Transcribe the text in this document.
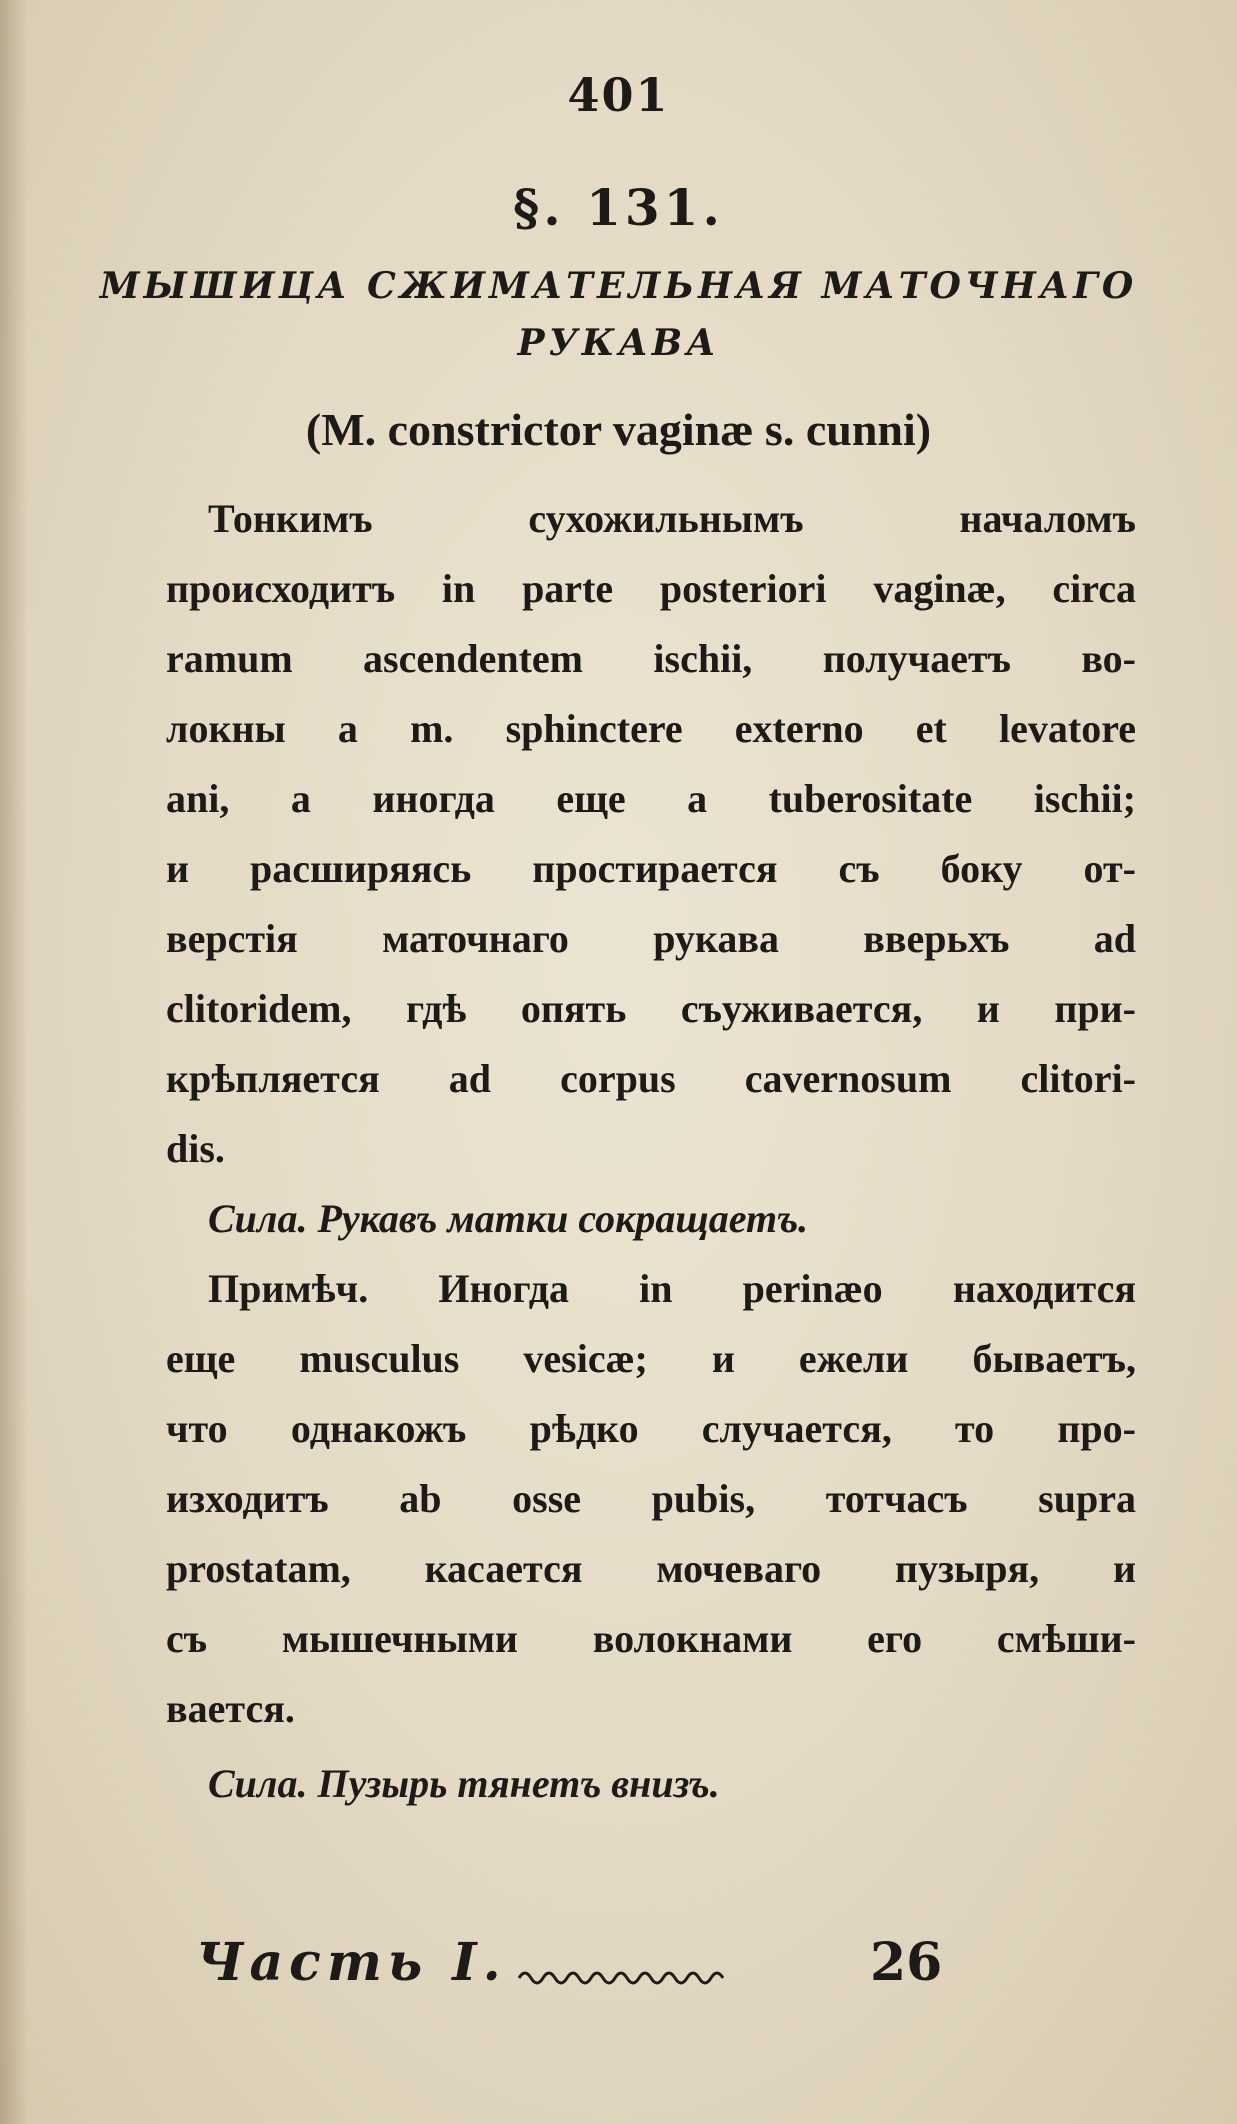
401
§. 131.
МЫШИЦА СЖИМАТЕЛЬНАЯ МАТОЧНАГО
РУКАВА
(M. constrictor vaginæ s. cunni)
Тонкимъ сухожильнымъ началомъ
происходитъ in parte posteriori vaginæ, circa
ramum ascendentem ischii, получаетъ во-
локны a m. sphinctere externo et levatore
ani, а иногда еще а tuberositate ischii;
и расширяясь простирается съ боку от-
верстія маточнаго рукава вверьхъ ad
clitoridem, гдѣ опять съуживается, и при-
крѣпляется ad corpus cavernosum clitori-
dis.
Сила. Рукавъ матки сокращаетъ.
Примѣч. Иногда in perinæo находится
еще musculus vesicæ; и ежели бываетъ,
что однакожъ рѣдко случается, то про-
изходитъ ab osse pubis, тотчасъ supra
prostatam, касается мочеваго пузыря, и
съ мышечными волокнами его смѣши-
вается.
Сила. Пузырь тянетъ внизъ.
Часть I.	26
